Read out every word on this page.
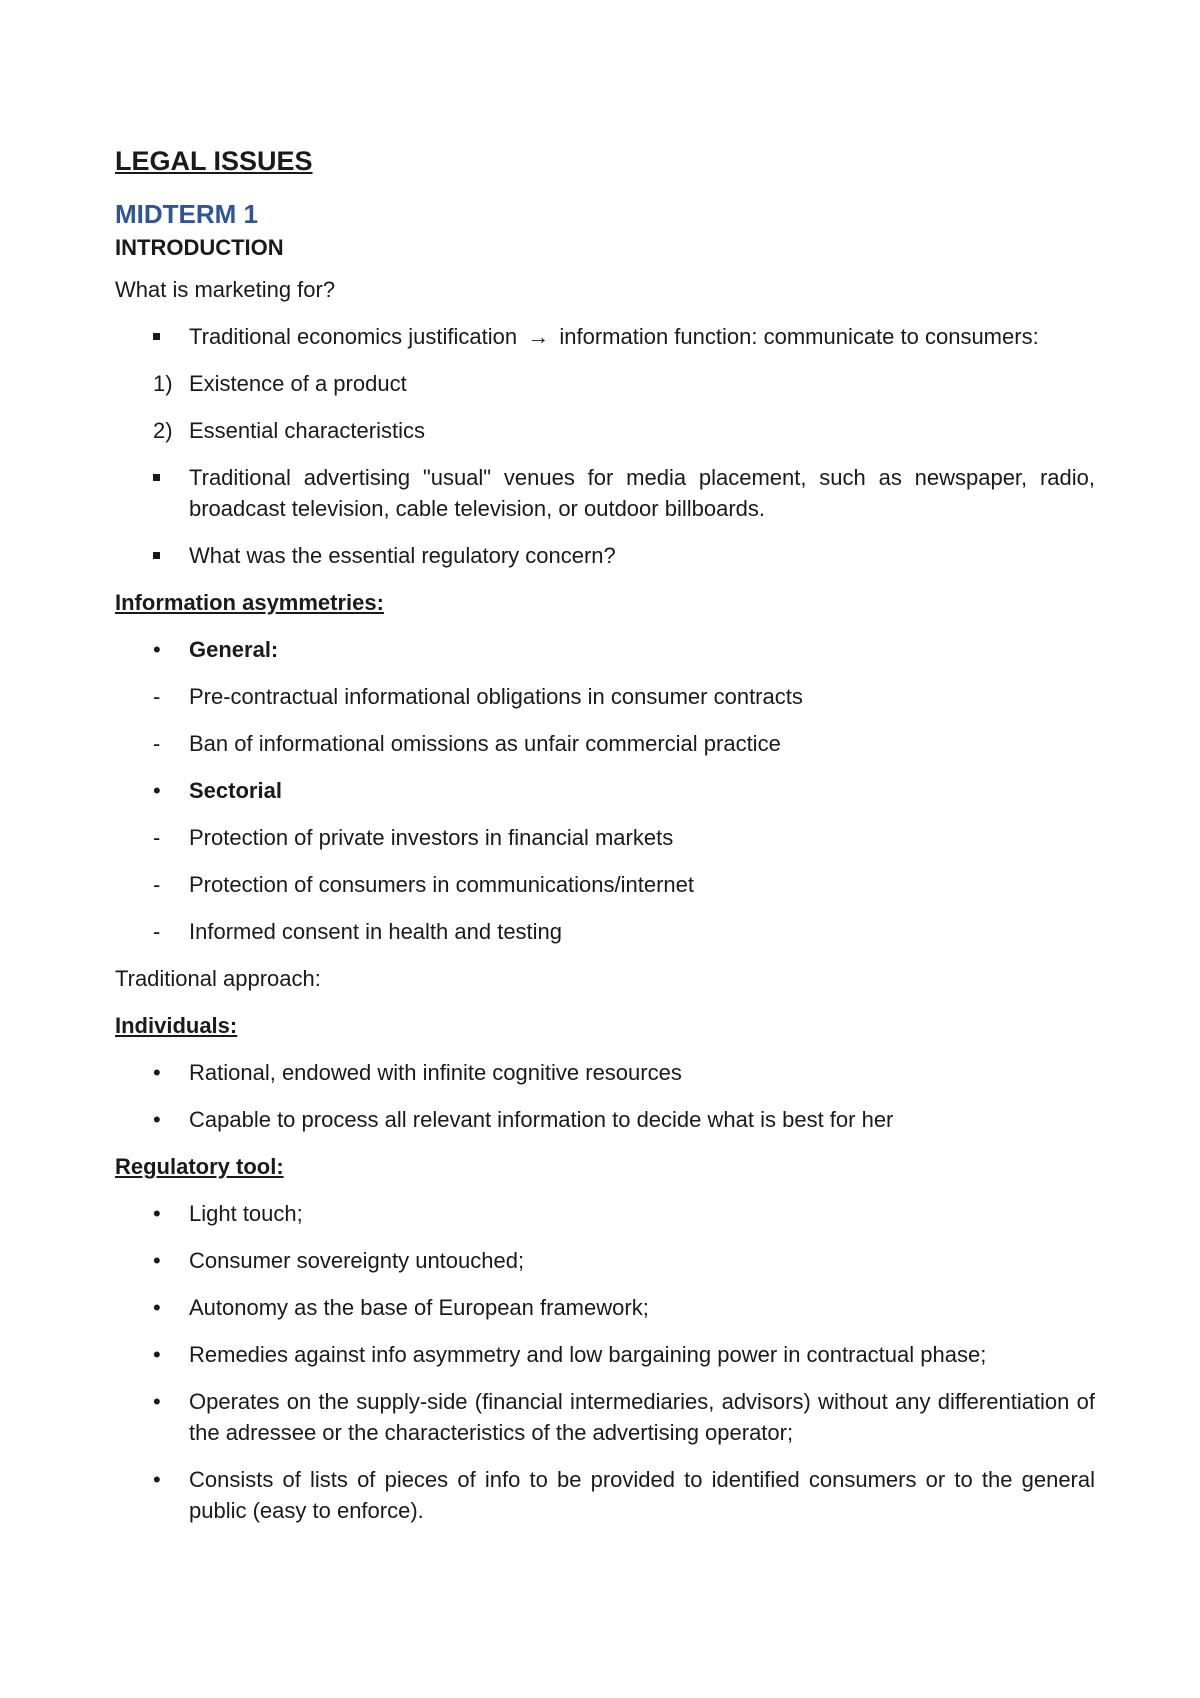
LEGAL ISSUES
MIDTERM 1
INTRODUCTION
What is marketing for?
Traditional economics justification → information function: communicate to consumers:
1) Existence of a product
2) Essential characteristics
Traditional advertising "usual" venues for media placement, such as newspaper, radio, broadcast television, cable television, or outdoor billboards.
What was the essential regulatory concern?
Information asymmetries:
•	General:
-	Pre-contractual informational obligations in consumer contracts
-	Ban of informational omissions as unfair commercial practice
•	Sectorial
-	Protection of private investors in financial markets
-	Protection of consumers in communications/internet
-	Informed consent in health and testing
Traditional approach:
Individuals:
•	Rational, endowed with infinite cognitive resources
•	Capable to process all relevant information to decide what is best for her
Regulatory tool:
•	Light touch;
•	Consumer sovereignty untouched;
•	Autonomy as the base of European framework;
•	Remedies against info asymmetry and low bargaining power in contractual phase;
•	Operates on the supply-side (financial intermediaries, advisors) without any differentiation of the adressee or the characteristics of the advertising operator;
•	Consists of lists of pieces of info to be provided to identified consumers or to the general public (easy to enforce).
